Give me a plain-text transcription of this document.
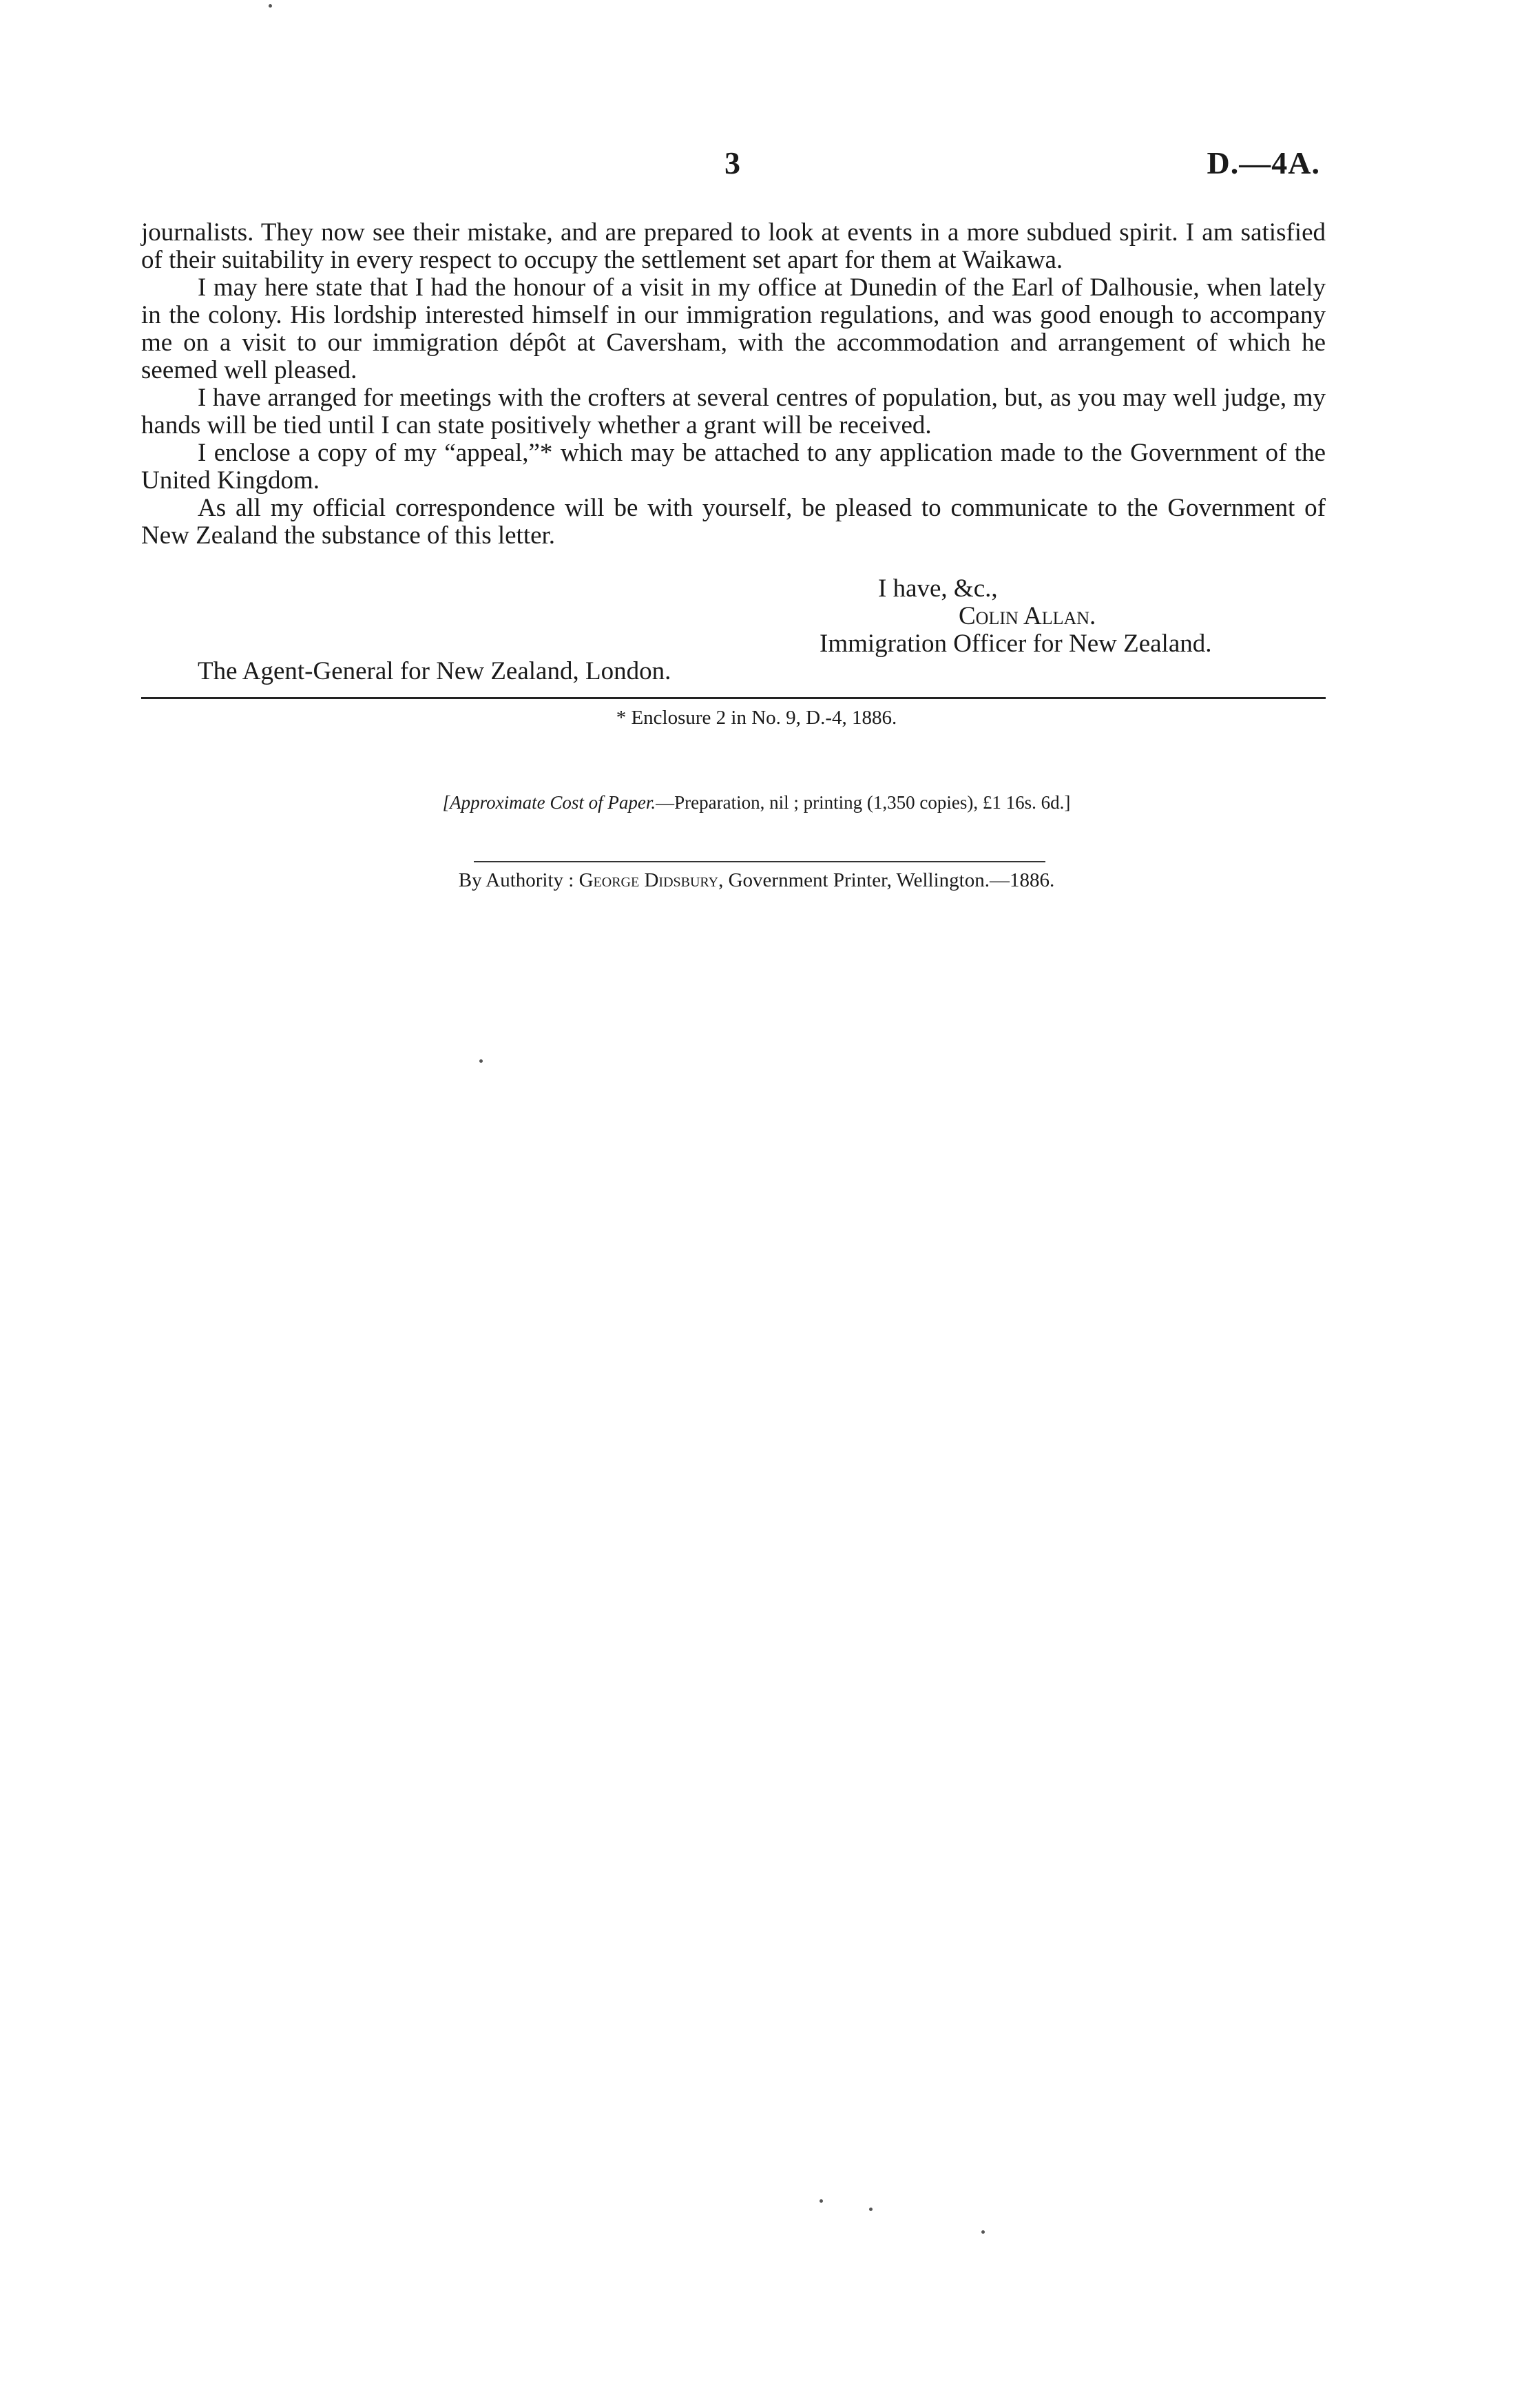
3	D.—4A.

journalists. They now see their mistake, and are prepared to look at events in a more subdued spirit. I am satisfied of their suitability in every respect to occupy the settlement set apart for them at Waikawa.

I may here state that I had the honour of a visit in my office at Dunedin of the Earl of Dalhousie, when lately in the colony. His lordship interested himself in our immigration regulations, and was good enough to accompany me on a visit to our immigration dépôt at Caversham, with the accommodation and arrangement of which he seemed well pleased.

I have arranged for meetings with the crofters at several centres of population, but, as you may well judge, my hands will be tied until I can state positively whether a grant will be received.

I enclose a copy of my “appeal,”* which may be attached to any application made to the Government of the United Kingdom.

As all my official correspondence will be with yourself, be pleased to communicate to the Government of New Zealand the substance of this letter.

I have, &c.,
Colin Allan.
Immigration Officer for New Zealand.
The Agent-General for New Zealand, London.
* Enclosure 2 in No. 9, D.-4, 1886.
[Approximate Cost of Paper.—Preparation, nil ; printing (1,350 copies), £1 16s. 6d.]
By Authority : George Didsbury, Government Printer, Wellington.—1886.
